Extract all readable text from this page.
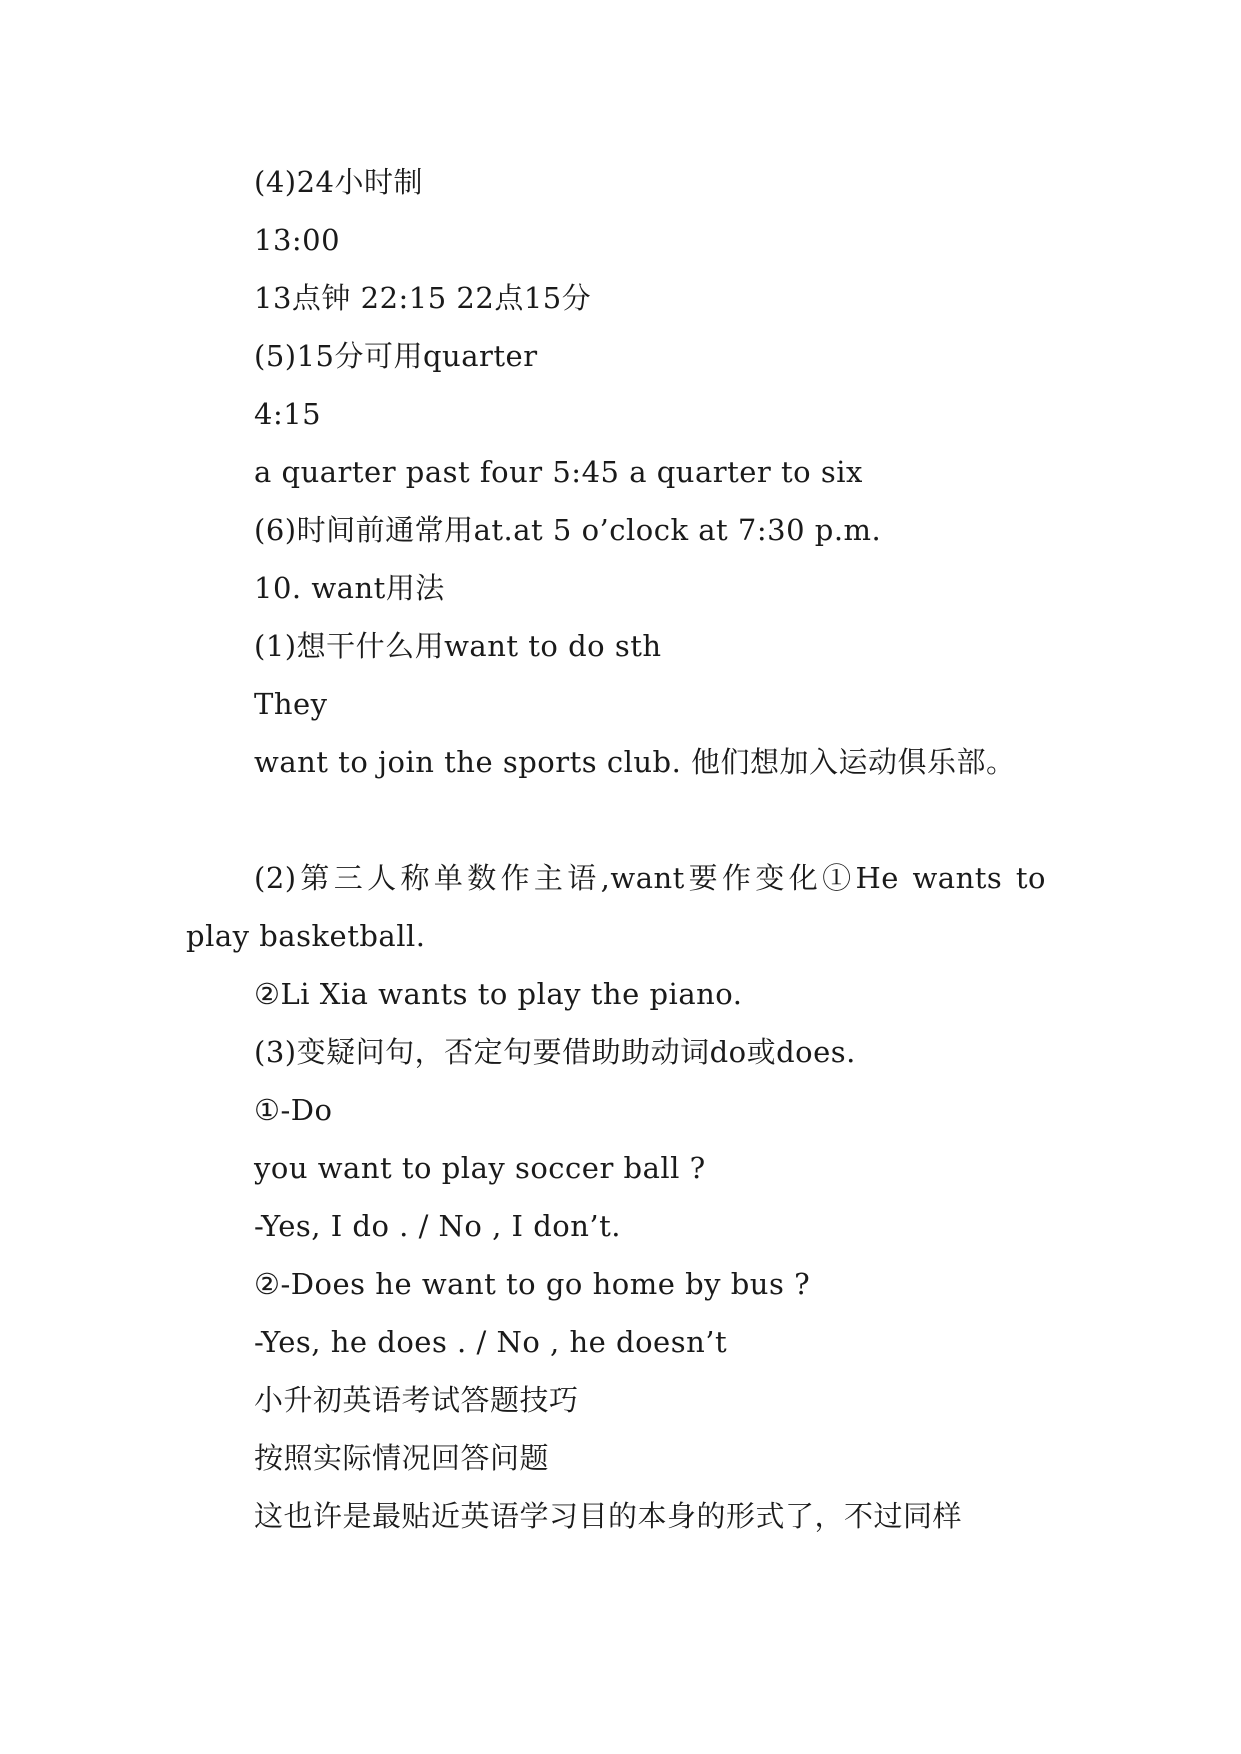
(4)24小时制

13:00

13点钟 22:15 22点15分

(5)15分可用quarter

4:15

a quarter past four 5:45 a quarter to six

(6)时间前通常用at.at 5 o’clock at 7:30 p.m.

10. want用法

(1)想干什么用want to do sth

They

want to join the sports club. 他们想加入运动俱乐部。

(2)第三人称单数作主语,want要作变化①He wants to play basketball.

②Li Xia wants to play the piano.

(3)变疑问句，否定句要借助助动词do或does.

①-Do

you want to play soccer ball ?

-Yes, I do . / No , I don’t.

②-Does he want to go home by bus ?

-Yes, he does . / No , he doesn’t

小升初英语考试答题技巧

按照实际情况回答问题

这也许是最贴近英语学习目的本身的形式了，不过同样
